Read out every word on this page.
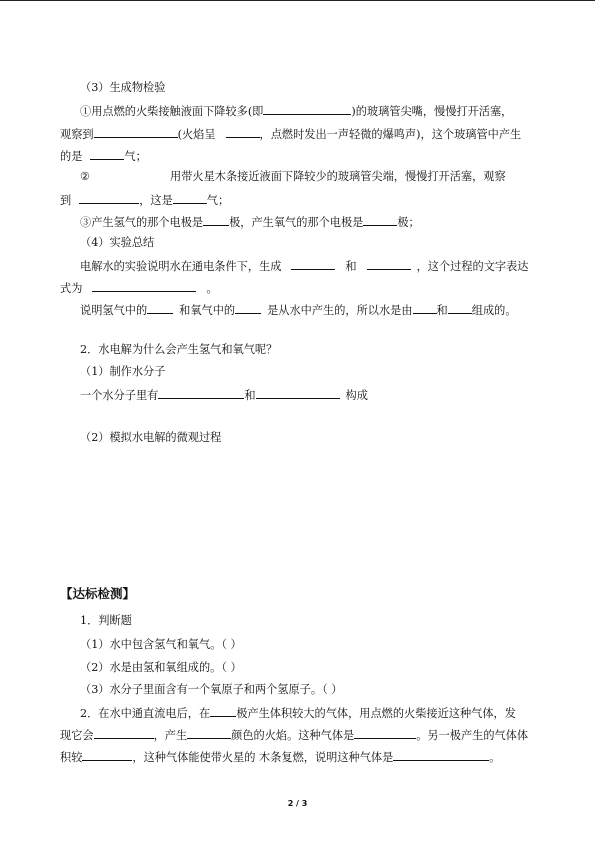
（3）生成物检验
①用点燃的火柴接触液面下降较多(即	)的玻璃管尖嘴，慢慢打开活塞，
观察到	(火焰呈	，点燃时发出一声轻微的爆鸣声)，这个玻璃管中产生
的是	气；
②	用带火星木条接近液面下降较少的玻璃管尖端，慢慢打开活塞，观察
到	，这是	气；
③产生氢气的那个电极是 极，产生氧气的那个电极是	极；
（4）实验总结
电解水的实验说明水在通电条件下，生成	和	，这个过程的文字表达
式为	。
说明氢气中的	和氧气中的	是从水中产生的，所以水是由 和 组成的。
2．水电解为什么会产生氢气和氧气呢？
（1）制作水分子
一个水分子里有	和	构成
（2）模拟水电解的微观过程
【达标检测】
1．判断题
（1）水中包含氢气和氧气。（ ）
（2）水是由氢和氧组成的。（ ）
（3）水分子里面含有一个氧原子和两个氢原子。（ ）
2．在水中通直流电后，在 极产生体积较大的气体，用点燃的火柴接近这种气体，发
现它会	，产生	颜色的火焰。这种气体是	。另一极产生的气体体
积较	，这种气体能使带火星的 木条复燃，说明这种气体是	。
2 / 3
